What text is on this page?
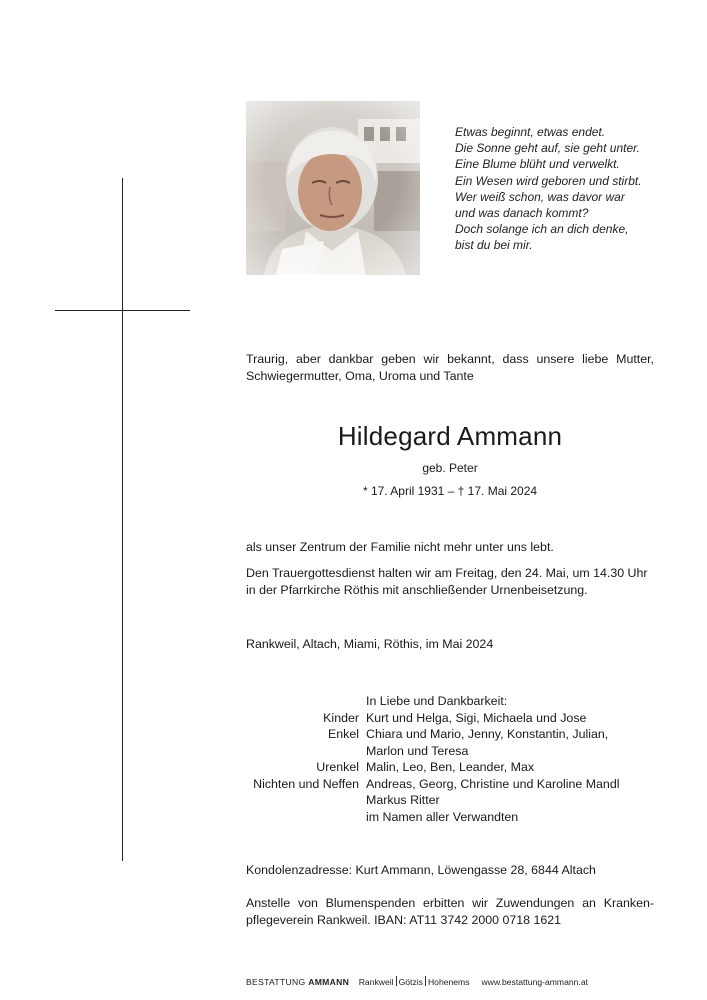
Etwas beginnt, etwas endet.
Die Sonne geht auf, sie geht unter.
Eine Blume blüht und verwelkt.
Ein Wesen wird geboren und stirbt.
Wer weiß schon, was davor war
und was danach kommt?
Doch solange ich an dich denke,
bist du bei mir.
Traurig, aber dankbar geben wir bekannt, dass unsere liebe Mutter,
Schwiegermutter, Oma, Uroma und Tante
Hildegard Ammann
geb. Peter
* 17. April 1931 – † 17. Mai 2024
als unser Zentrum der Familie nicht mehr unter uns lebt.
Den Trauergottesdienst halten wir am Freitag, den 24. Mai, um 14.30 Uhr
in der Pfarrkirche Röthis mit anschließender Urnenbeisetzung.
Rankweil, Altach, Miami, Röthis, im Mai 2024
In Liebe und Dankbarkeit:
Kinder Kurt und Helga, Sigi, Michaela und Jose
Enkel Chiara und Mario, Jenny, Konstantin, Julian,
Marlon und Teresa
Urenkel Malin, Leo, Ben, Leander, Max
Nichten und Neffen Andreas, Georg, Christine und Karoline Mandl
Markus Ritter
im Namen aller Verwandten
Kondolenzadresse: Kurt Ammann, Löwengasse 28, 6844 Altach
Anstelle von Blumenspenden erbitten wir Zuwendungen an Kranken-
pflegeverein Rankweil. IBAN: AT11 3742 2000 0718 1621
BESTATTUNG AMMANN Rankweil Götzis Hohenems www.bestattung-ammann.at
